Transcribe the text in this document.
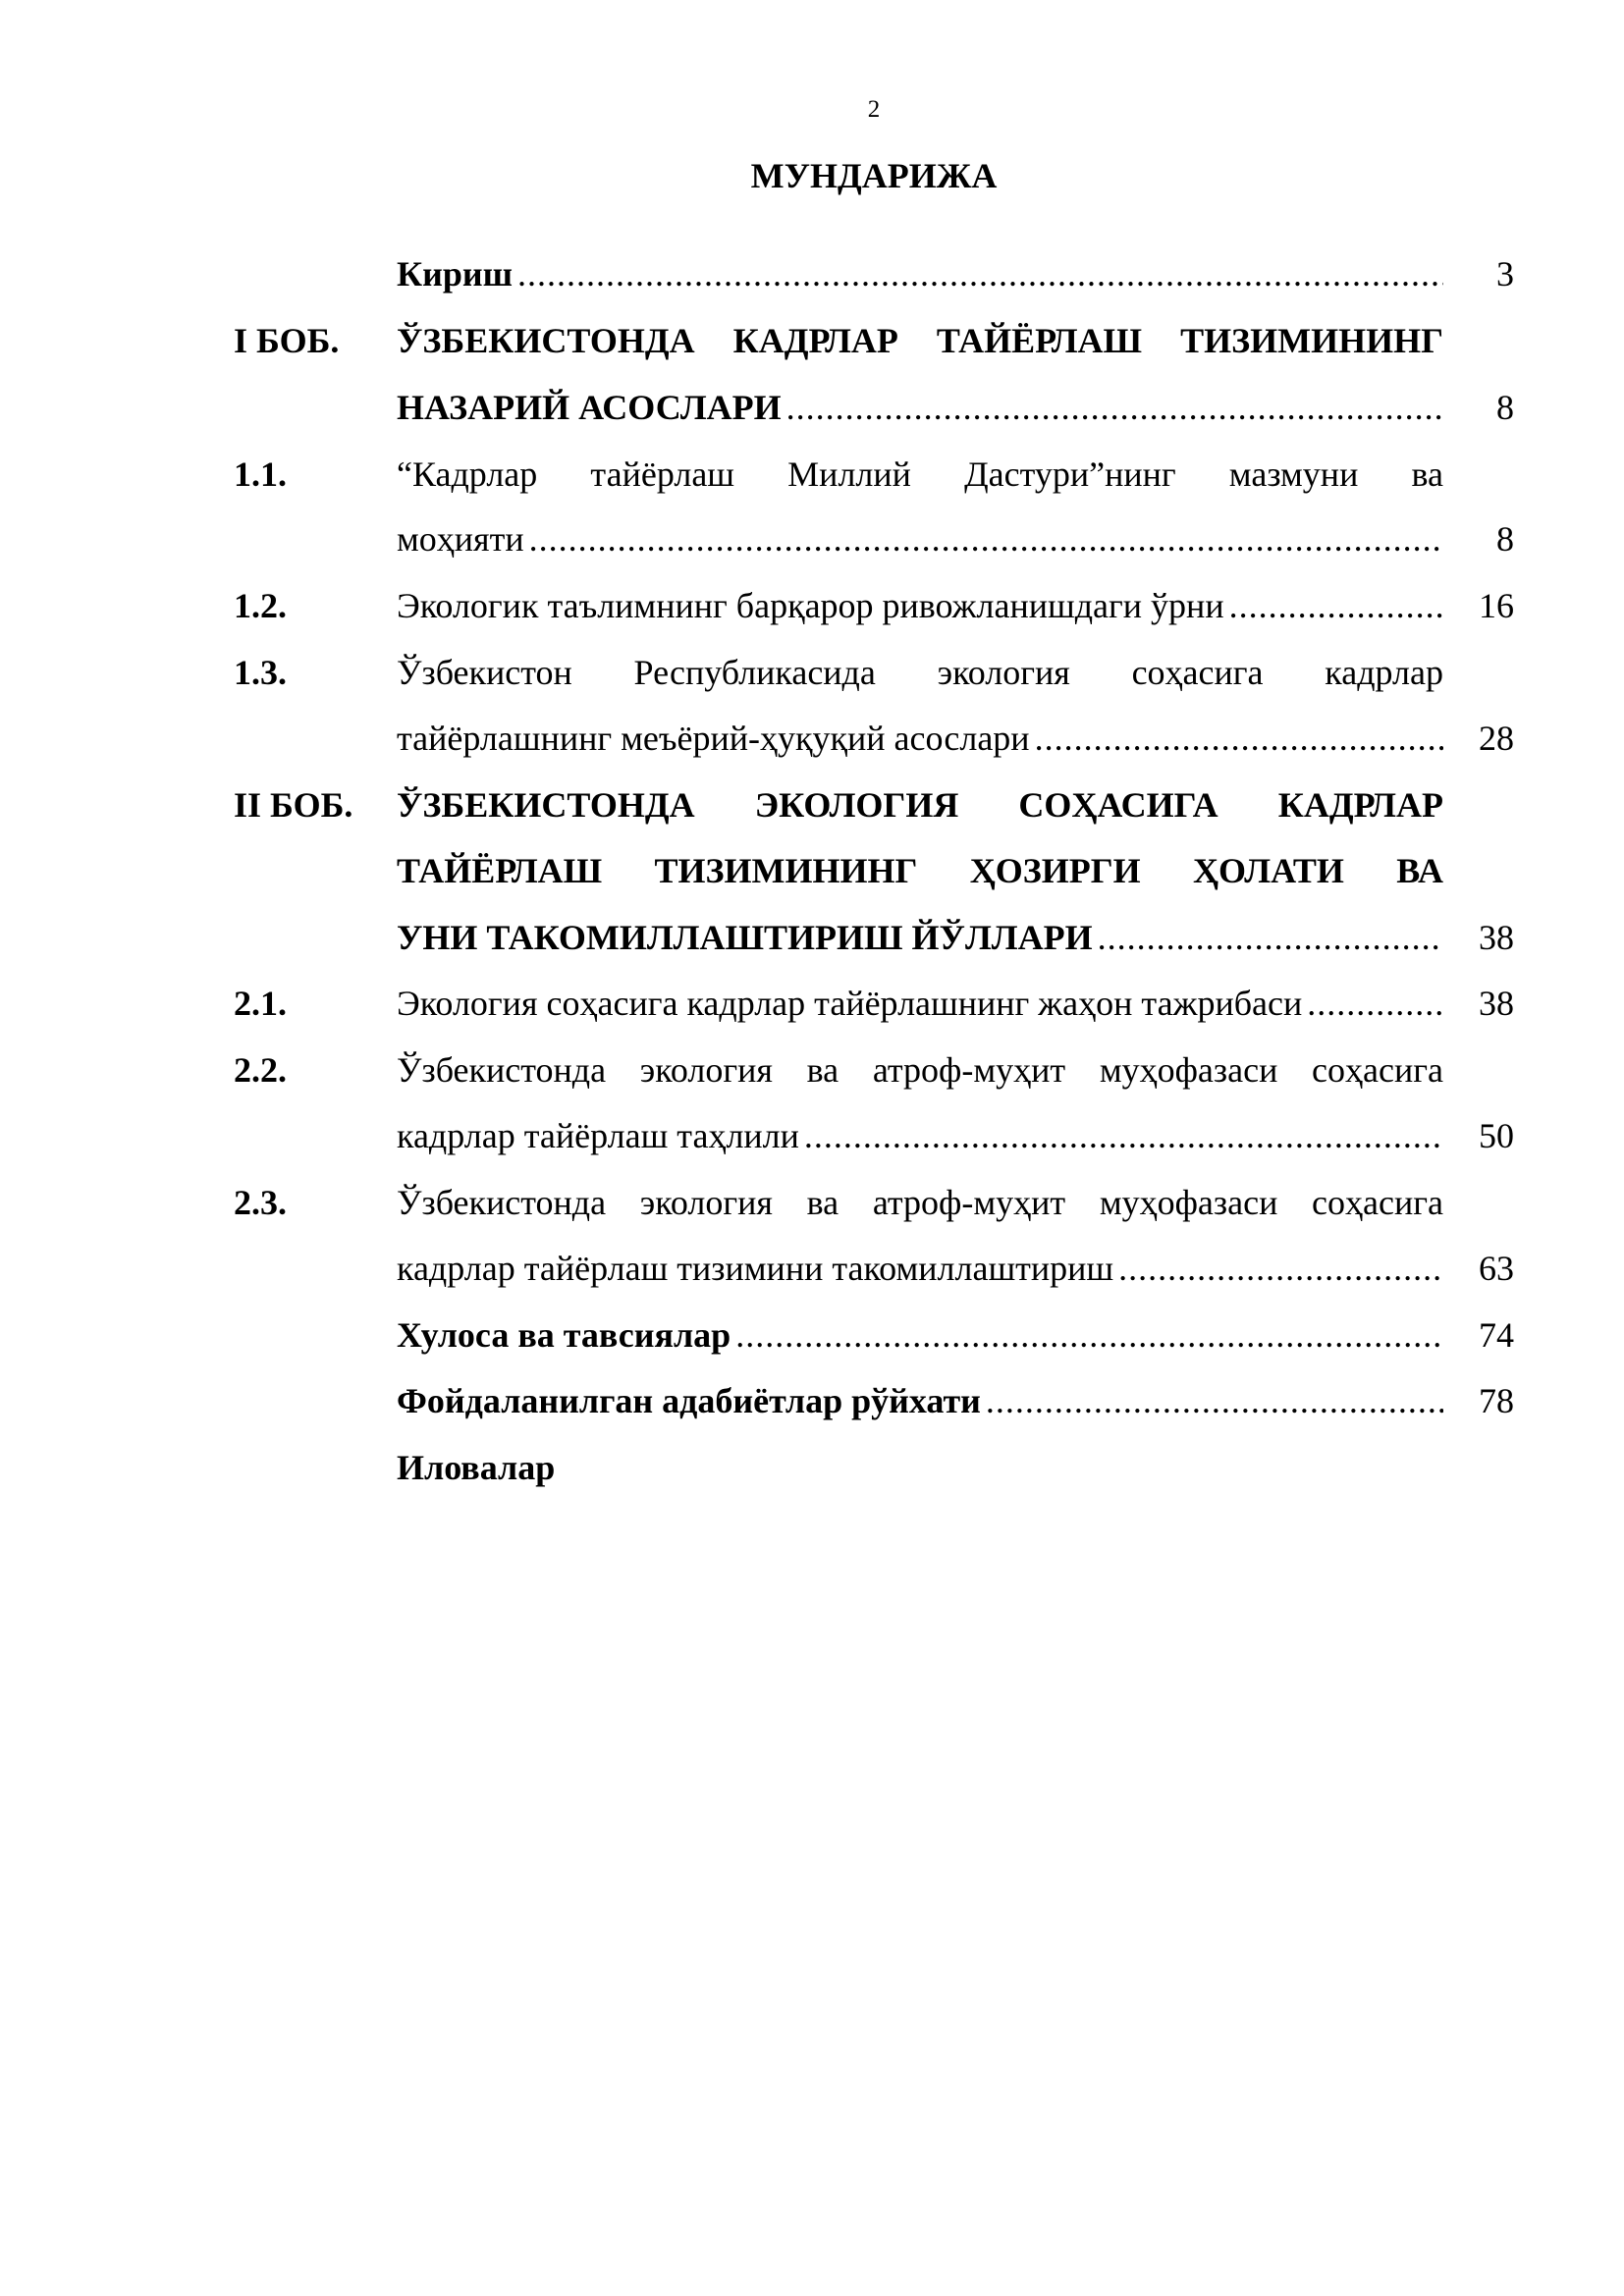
2
МУНДАРИЖА
Кириш . . .	3
I БОБ. ЎЗБЕКИСТОНДА КАДРЛАР ТАЙЁРЛАШ ТИЗИМИНИНГ
НАЗАРИЙ АСОСЛАРИ . . .	8
1.1.	“Кадрлар тайёрлаш Миллий Дастури”нинг мазмуни ва
моҳияти . . .	8
1.2.	Экологик таълимнинг барқарор ривожланишдаги ўрни . . .	16
1.3.	Ўзбекистон Республикасида экология соҳасига кадрлар
тайёрлашнинг меъёрий-ҳуқуқий асослари . . .	28
II БОБ. ЎЗБЕКИСТОНДА ЭКОЛОГИЯ СОҲАСИГА КАДРЛАР
ТАЙЁРЛАШ ТИЗИМИНИНГ ҲОЗИРГИ ҲОЛАТИ ВА
УНИ ТАКОМИЛЛАШТИРИШ ЙЎЛЛАРИ . . .	38
2.1.	Экология соҳасига кадрлар тайёрлашнинг жаҳон тажрибаси . . .	38
2.2.	Ўзбекистонда экология ва атроф-муҳит муҳофазаси соҳасига
кадрлар тайёрлаш таҳлили . . .	50
2.3.	Ўзбекистонда экология ва атроф-муҳит муҳофазаси соҳасига
кадрлар тайёрлаш тизимини такомиллаштириш . . .	63
Хулоса ва тавсиялар . . .	74
Фойдаланилган адабиётлар рўйхати . . .	78
Иловалар
